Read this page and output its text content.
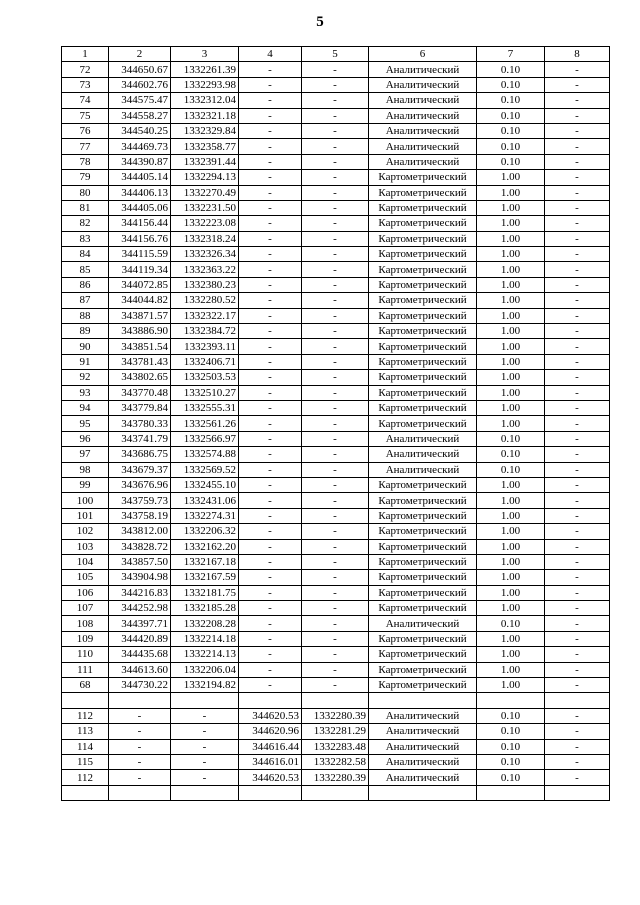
5
1	2	3	4	5	6	7	8
72	344650.67	1332261.39	-	-	Аналитический	0.10	-
73	344602.76	1332293.98	-	-	Аналитический	0.10	-
74	344575.47	1332312.04	-	-	Аналитический	0.10	-
75	344558.27	1332321.18	-	-	Аналитический	0.10	-
76	344540.25	1332329.84	-	-	Аналитический	0.10	-
77	344469.73	1332358.77	-	-	Аналитический	0.10	-
78	344390.87	1332391.44	-	-	Аналитический	0.10	-
79	344405.14	1332294.13	-	-	Картометрический	1.00	-
80	344406.13	1332270.49	-	-	Картометрический	1.00	-
81	344405.06	1332231.50	-	-	Картометрический	1.00	-
82	344156.44	1332223.08	-	-	Картометрический	1.00	-
83	344156.76	1332318.24	-	-	Картометрический	1.00	-
84	344115.59	1332326.34	-	-	Картометрический	1.00	-
85	344119.34	1332363.22	-	-	Картометрический	1.00	-
86	344072.85	1332380.23	-	-	Картометрический	1.00	-
87	344044.82	1332280.52	-	-	Картометрический	1.00	-
88	343871.57	1332322.17	-	-	Картометрический	1.00	-
89	343886.90	1332384.72	-	-	Картометрический	1.00	-
90	343851.54	1332393.11	-	-	Картометрический	1.00	-
91	343781.43	1332406.71	-	-	Картометрический	1.00	-
92	343802.65	1332503.53	-	-	Картометрический	1.00	-
93	343770.48	1332510.27	-	-	Картометрический	1.00	-
94	343779.84	1332555.31	-	-	Картометрический	1.00	-
95	343780.33	1332561.26	-	-	Картометрический	1.00	-
96	343741.79	1332566.97	-	-	Аналитический	0.10	-
97	343686.75	1332574.88	-	-	Аналитический	0.10	-
98	343679.37	1332569.52	-	-	Аналитический	0.10	-
99	343676.96	1332455.10	-	-	Картометрический	1.00	-
100	343759.73	1332431.06	-	-	Картометрический	1.00	-
101	343758.19	1332274.31	-	-	Картометрический	1.00	-
102	343812.00	1332206.32	-	-	Картометрический	1.00	-
103	343828.72	1332162.20	-	-	Картометрический	1.00	-
104	343857.50	1332167.18	-	-	Картометрический	1.00	-
105	343904.98	1332167.59	-	-	Картометрический	1.00	-
106	344216.83	1332181.75	-	-	Картометрический	1.00	-
107	344252.98	1332185.28	-	-	Картометрический	1.00	-
108	344397.71	1332208.28	-	-	Аналитический	0.10	-
109	344420.89	1332214.18	-	-	Картометрический	1.00	-
110	344435.68	1332214.13	-	-	Картометрический	1.00	-
111	344613.60	1332206.04	-	-	Картометрический	1.00	-
68	344730.22	1332194.82	-	-	Картометрический	1.00	-

112	-	-	344620.53	1332280.39	Аналитический	0.10	-
113	-	-	344620.96	1332281.29	Аналитический	0.10	-
114	-	-	344616.44	1332283.48	Аналитический	0.10	-
115	-	-	344616.01	1332282.58	Аналитический	0.10	-
112	-	-	344620.53	1332280.39	Аналитический	0.10	-
